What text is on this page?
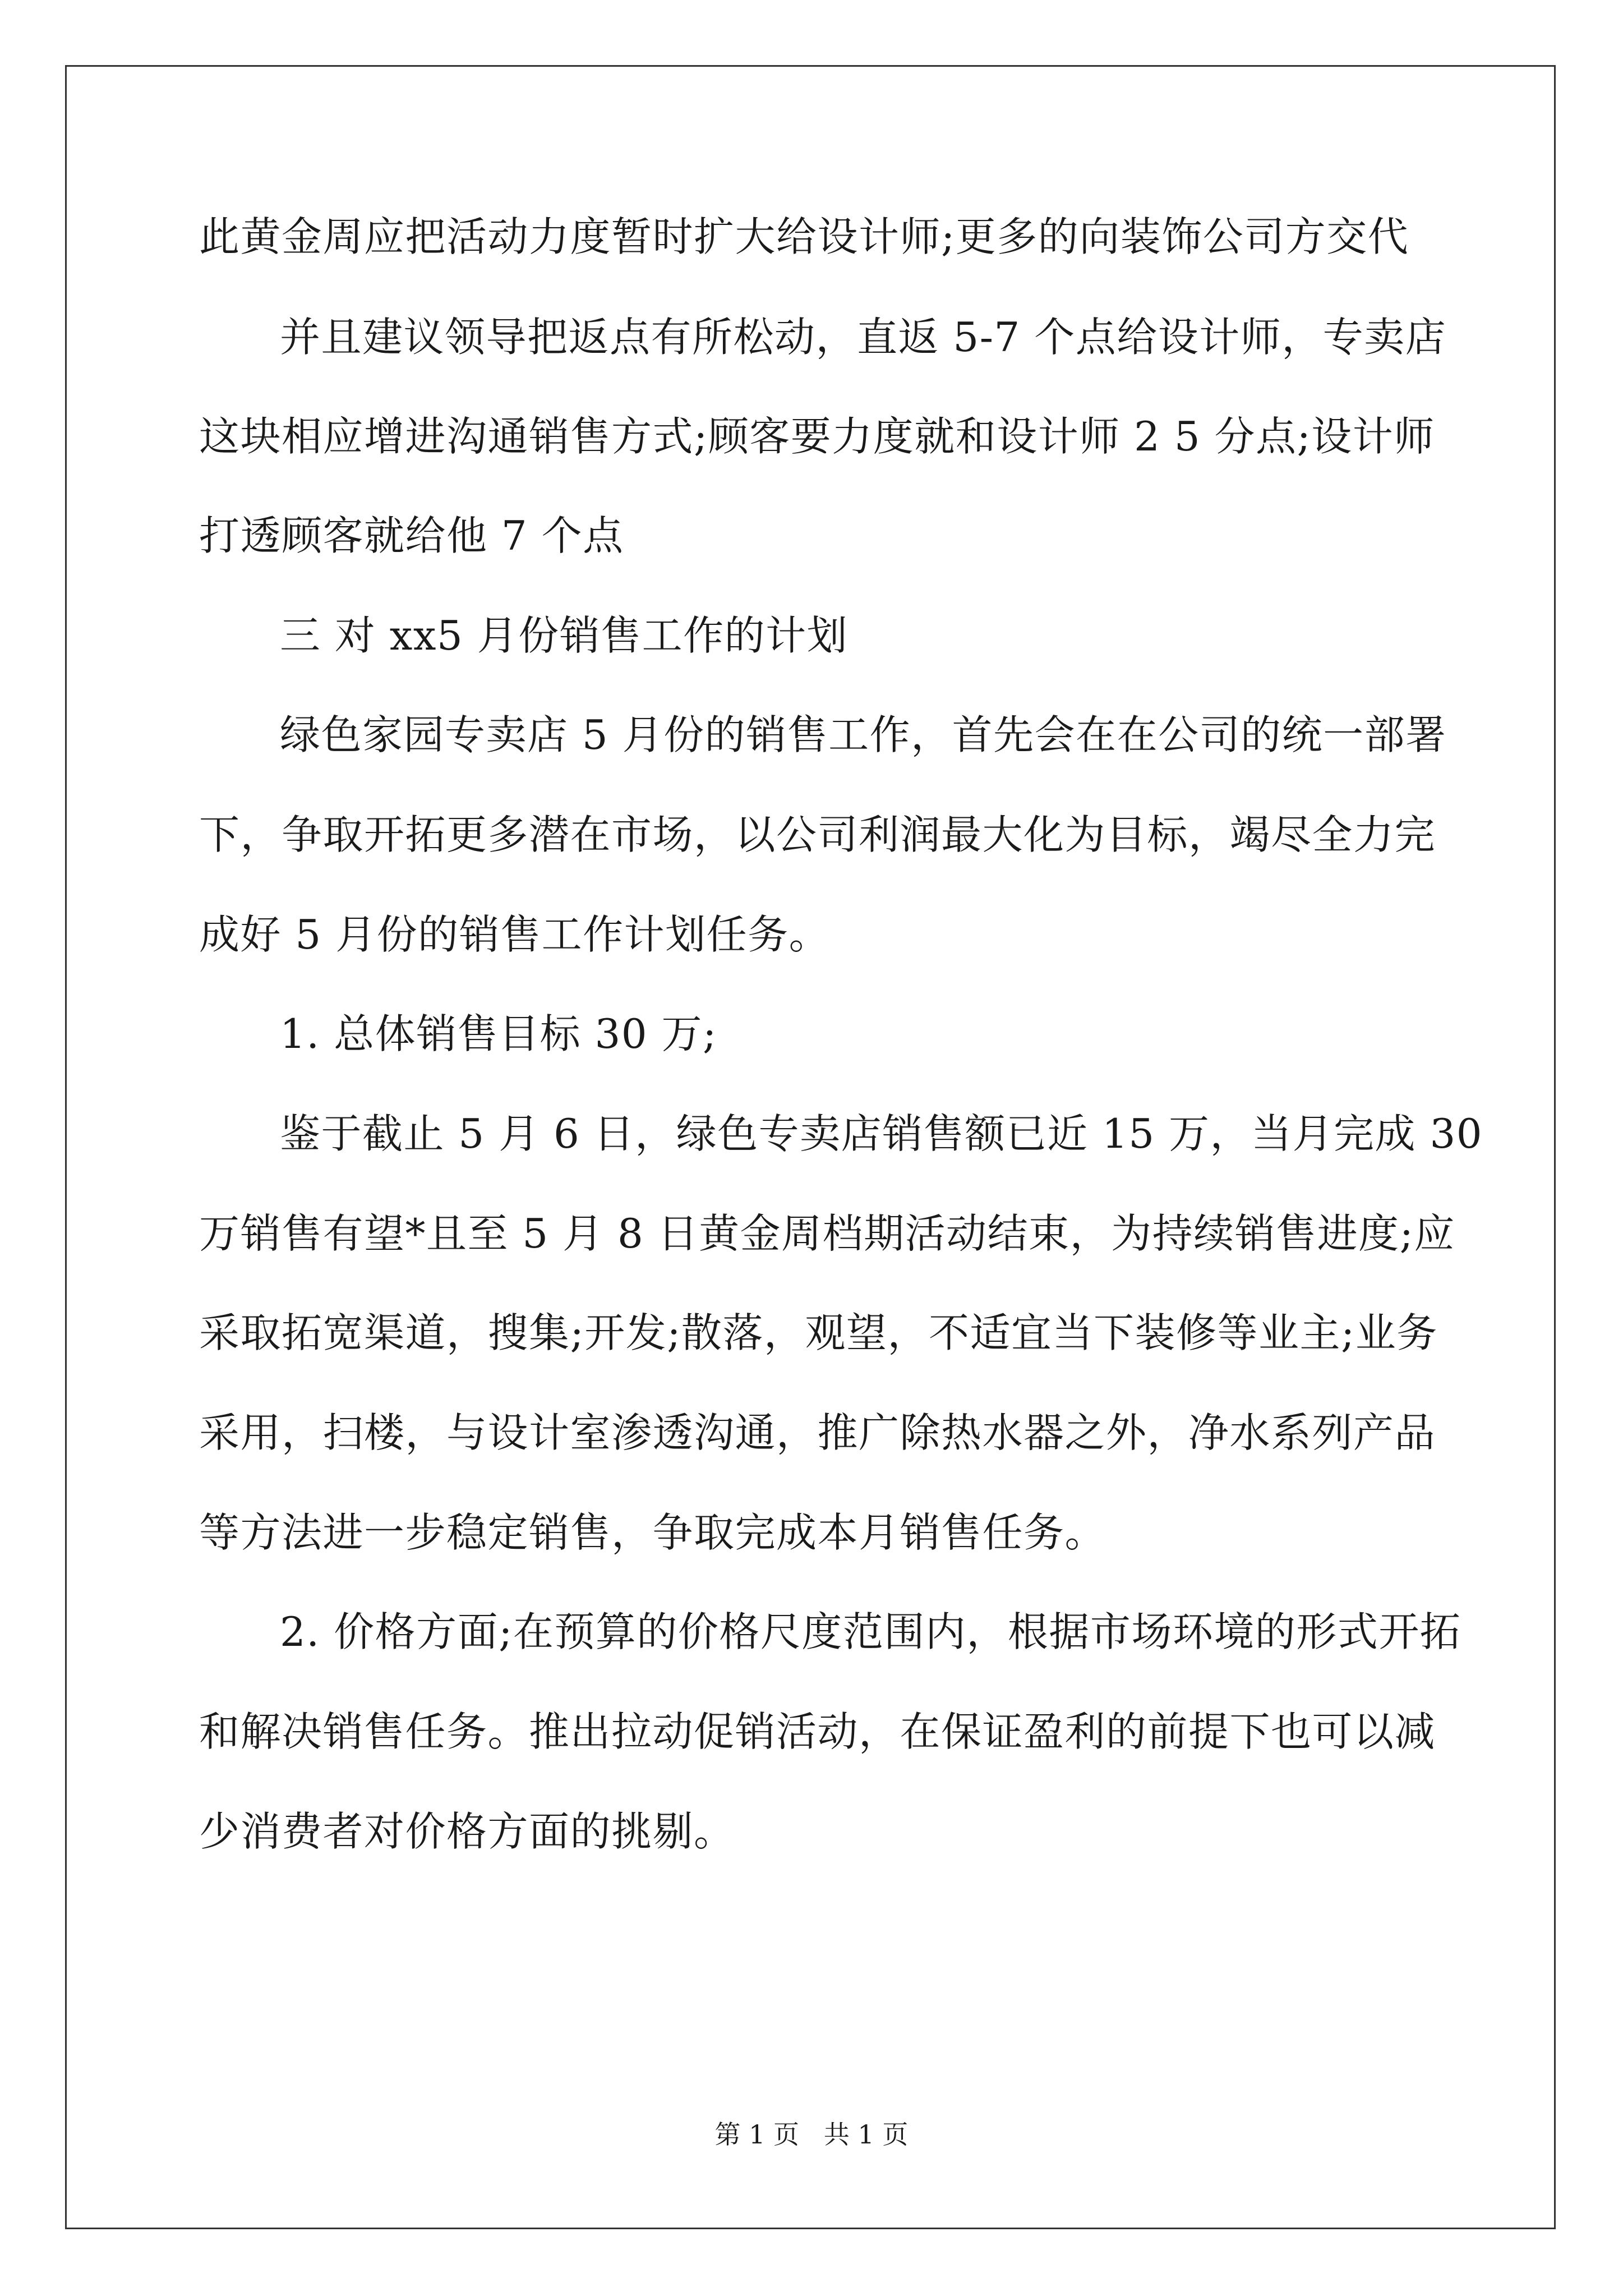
此黄金周应把活动力度暂时扩大给设计师;更多的向装饰公司方交代
并且建议领导把返点有所松动，直返 5-7 个点给设计师，专卖店
这块相应增进沟通销售方式;顾客要力度就和设计师 2 5 分点;设计师
打透顾客就给他 7 个点
三 对 xx5 月份销售工作的计划
绿色家园专卖店 5 月份的销售工作，首先会在在公司的统一部署
下，争取开拓更多潜在市场，以公司利润最大化为目标，竭尽全力完
成好 5 月份的销售工作计划任务。
1. 总体销售目标 30 万;
鉴于截止 5 月 6 日，绿色专卖店销售额已近 15 万，当月完成 30
万销售有望*且至 5 月 8 日黄金周档期活动结束，为持续销售进度;应
采取拓宽渠道，搜集;开发;散落，观望，不适宜当下装修等业主;业务
采用，扫楼，与设计室渗透沟通，推广除热水器之外，净水系列产品
等方法进一步稳定销售，争取完成本月销售任务。
2. 价格方面;在预算的价格尺度范围内，根据市场环境的形式开拓
和解决销售任务。推出拉动促销活动，在保证盈利的前提下也可以减
少消费者对价格方面的挑剔。
第 1 页   共 1 页
